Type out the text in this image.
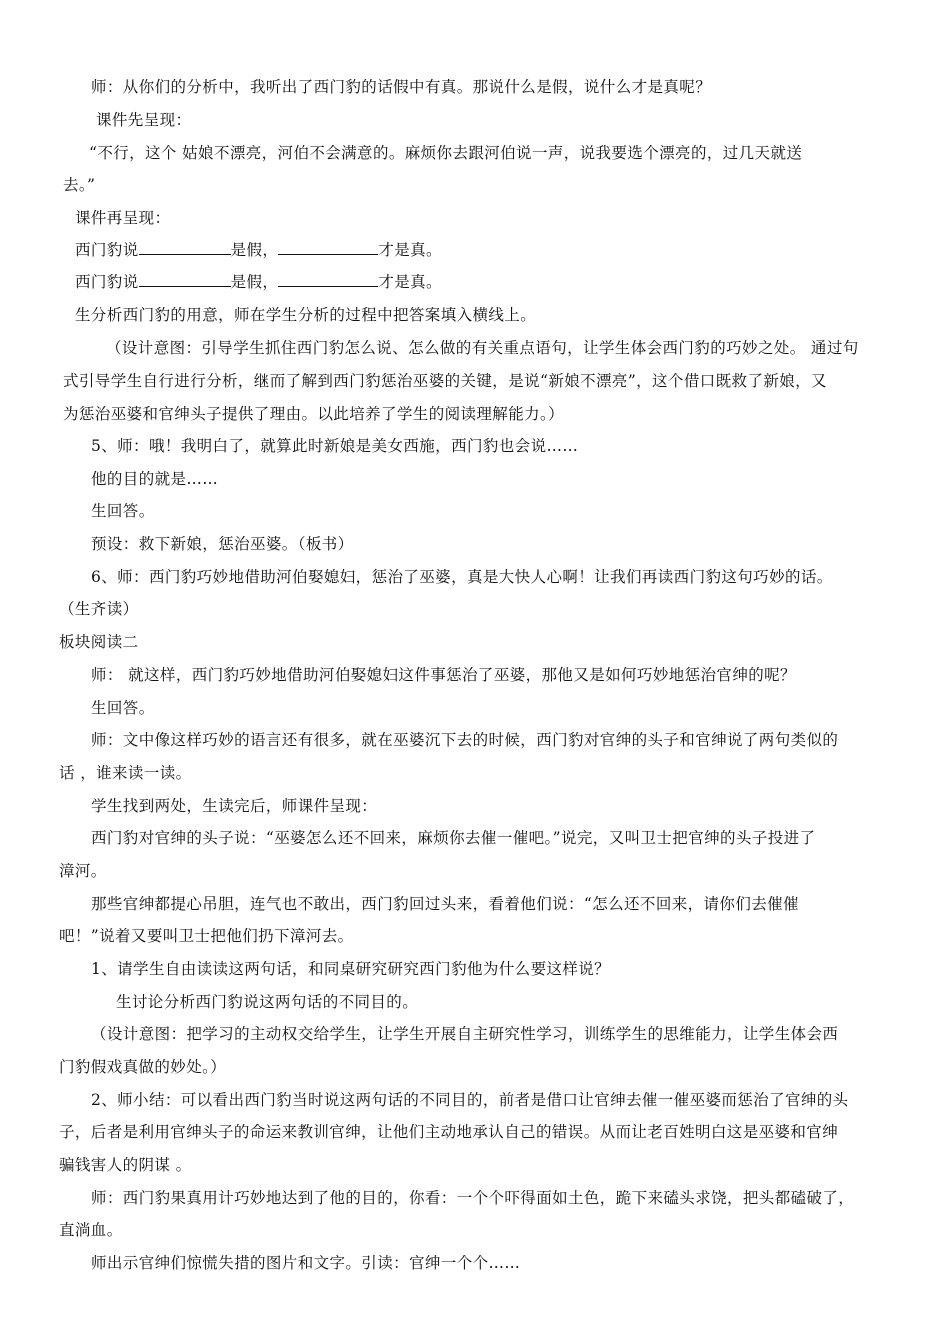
师：从你们的分析中，我听出了西门豹的话假中有真。那说什么是假，说什么才是真呢？
课件先呈现：
“不行，这个 姑娘不漂亮，河伯不会满意的。麻烦你去跟河伯说一声，说我要选个漂亮的，过几天就送
去。”
课件再呈现：
西门豹说	是假，	才是真。
西门豹说	是假，	才是真。
生分析西门豹的用意，师在学生分析的过程中把答案填入横线上。
（设计意图：引导学生抓住西门豹怎么说、怎么做的有关重点语句，让学生体会西门豹的巧妙之处。 通过句
式引导学生自行进行分析，继而了解到西门豹惩治巫婆的关键，是说“新娘不漂亮”，这个借口既救了新娘，又
为惩治巫婆和官绅头子提供了理由。以此培养了学生的阅读理解能力。）
5、师：哦！我明白了，就算此时新娘是美女西施，西门豹也会说……
他的目的就是……
生回答。
预设：救下新娘，惩治巫婆。（板书）
6、师：西门豹巧妙地借助河伯娶媳妇，惩治了巫婆，真是大快人心啊！让我们再读西门豹这句巧妙的话。
（生齐读）
板块阅读二
师： 就这样，西门豹巧妙地借助河伯娶媳妇这件事惩治了巫婆，那他又是如何巧妙地惩治官绅的呢？
生回答。
师：文中像这样巧妙的语言还有很多，就在巫婆沉下去的时候，西门豹对官绅的头子和官绅说了两句类似的
话 ，谁来读一读。
学生找到两处，生读完后，师课件呈现：
西门豹对官绅的头子说：“巫婆怎么还不回来，麻烦你去催一催吧。”说完，又叫卫士把官绅的头子投进了
漳河。
那些官绅都提心吊胆，连气也不敢出，西门豹回过头来，看着他们说：“怎么还不回来，请你们去催催
吧！”说着又要叫卫士把他们扔下漳河去。
1、请学生自由读读这两句话，和同桌研究研究西门豹他为什么要这样说？
生讨论分析西门豹说这两句话的不同目的。
（设计意图：把学习的主动权交给学生，让学生开展自主研究性学习，训练学生的思维能力，让学生体会西
门豹假戏真做的妙处。）
2、师小结：可以看出西门豹当时说这两句话的不同目的，前者是借口让官绅去催一催巫婆而惩治了官绅的头
子，后者是利用官绅头子的命运来教训官绅，让他们主动地承认自己的错误。从而让老百姓明白这是巫婆和官绅
骗钱害人的阴谋 。
师：西门豹果真用计巧妙地达到了他的目的，你看：一个个吓得面如土色，跪下来磕头求饶，把头都磕破了，
直淌血。
师出示官绅们惊慌失措的图片和文字。引读：官绅一个个……
